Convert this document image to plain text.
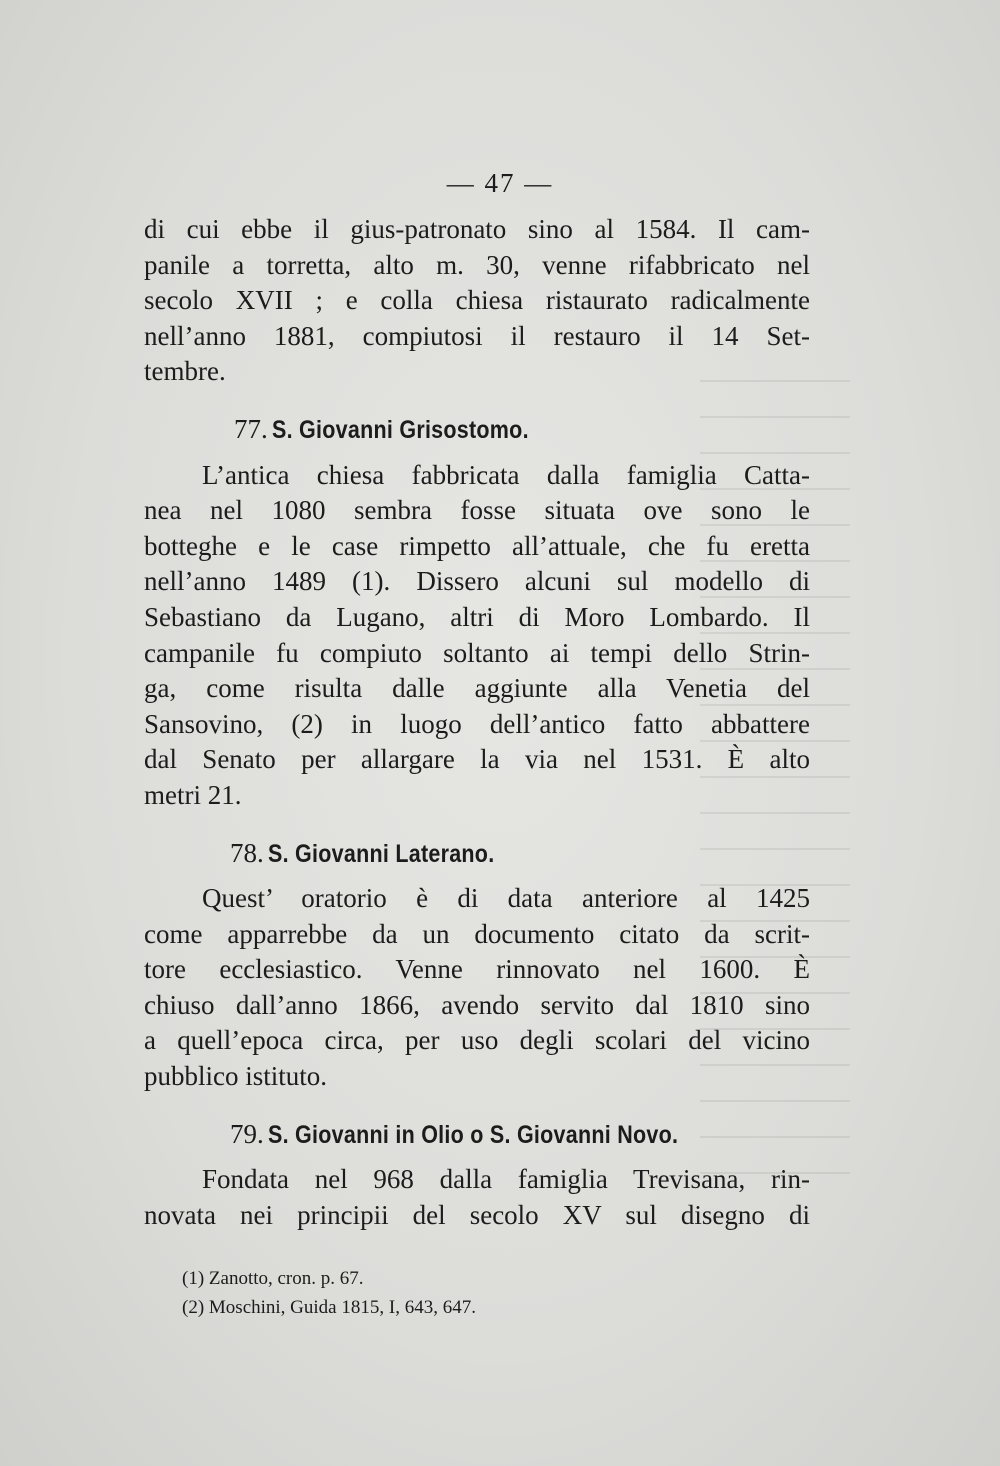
— 47 —
di cui ebbe il gius-patronato sino al 1584. Il cam-
panile a torretta, alto m. 30, venne rifabbricato nel
secolo XVII ; e colla chiesa ristaurato radicalmente
nell’anno 1881, compiutosi il restauro il 14 Set-
tembre.
77. S. Giovanni Grisostomo.
L’antica chiesa fabbricata dalla famiglia Catta-
nea nel 1080 sembra fosse situata ove sono le
botteghe e le case rimpetto all’attuale, che fu eretta
nell’anno 1489 (1). Dissero alcuni sul modello di
Sebastiano da Lugano, altri di Moro Lombardo. Il
campanile fu compiuto soltanto ai tempi dello Strin-
ga, come risulta dalle aggiunte alla Venetia del
Sansovino, (2) in luogo dell’antico fatto abbattere
dal Senato per allargare la via nel 1531. È alto
metri 21.
78. S. Giovanni Laterano.
Quest’ oratorio è di data anteriore al 1425
come apparrebbe da un documento citato da scrit-
tore ecclesiastico. Venne rinnovato nel 1600. È
chiuso dall’anno 1866, avendo servito dal 1810 sino
a quell’epoca circa, per uso degli scolari del vicino
pubblico istituto.
79. S. Giovanni in Olio o S. Giovanni Novo.
Fondata nel 968 dalla famiglia Trevisana, rin-
novata nei principii del secolo XV sul disegno di
(1) Zanotto, cron. p. 67.
(2) Moschini, Guida 1815, I, 643, 647.
